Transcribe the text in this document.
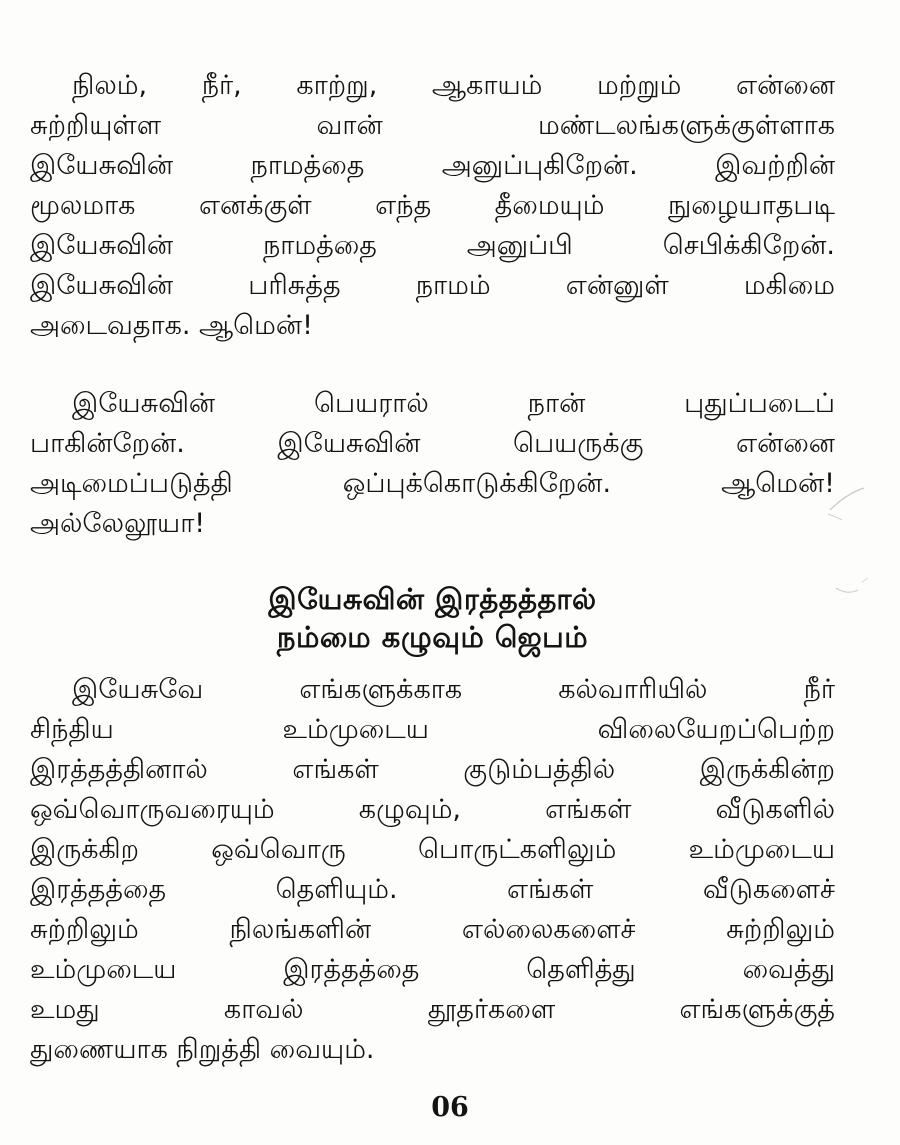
நிலம், நீர், காற்று, ஆகாயம் மற்றும் என்னை
சுற்றியுள்ள வான் மண்டலங்களுக்குள்ளாக
இயேசுவின் நாமத்தை அனுப்புகிறேன். இவற்றின்
மூலமாக எனக்குள் எந்த தீமையும் நுழையாதபடி
இயேசுவின் நாமத்தை அனுப்பி செபிக்கிறேன்.
இயேசுவின் பரிசுத்த நாமம் என்னுள் மகிமை
அடைவதாக. ஆமென்!

இயேசுவின் பெயரால் நான் புதுப்படைப்
பாகின்றேன். இயேசுவின் பெயருக்கு என்னை
அடிமைப்படுத்தி ஒப்புக்கொடுக்கிறேன். ஆமென்!
அல்லேலூயா!

இயேசுவின் இரத்தத்தால்
நம்மை கழுவும் ஜெபம்

இயேசுவே எங்களுக்காக கல்வாரியில் நீர்
சிந்திய உம்முடைய விலையேறப்பெற்ற
இரத்தத்தினால் எங்கள் குடும்பத்தில் இருக்கின்ற
ஒவ்வொருவரையும் கழுவும், எங்கள் வீடுகளில்
இருக்கிற ஒவ்வொரு பொருட்களிலும் உம்முடைய
இரத்தத்தை தெளியும். எங்கள் வீடுகளைச்
சுற்றிலும் நிலங்களின் எல்லைகளைச் சுற்றிலும்
உம்முடைய இரத்தத்தை தெளித்து வைத்து
உமது காவல் தூதர்களை எங்களுக்குத்
துணையாக நிறுத்தி வையும்.

06
